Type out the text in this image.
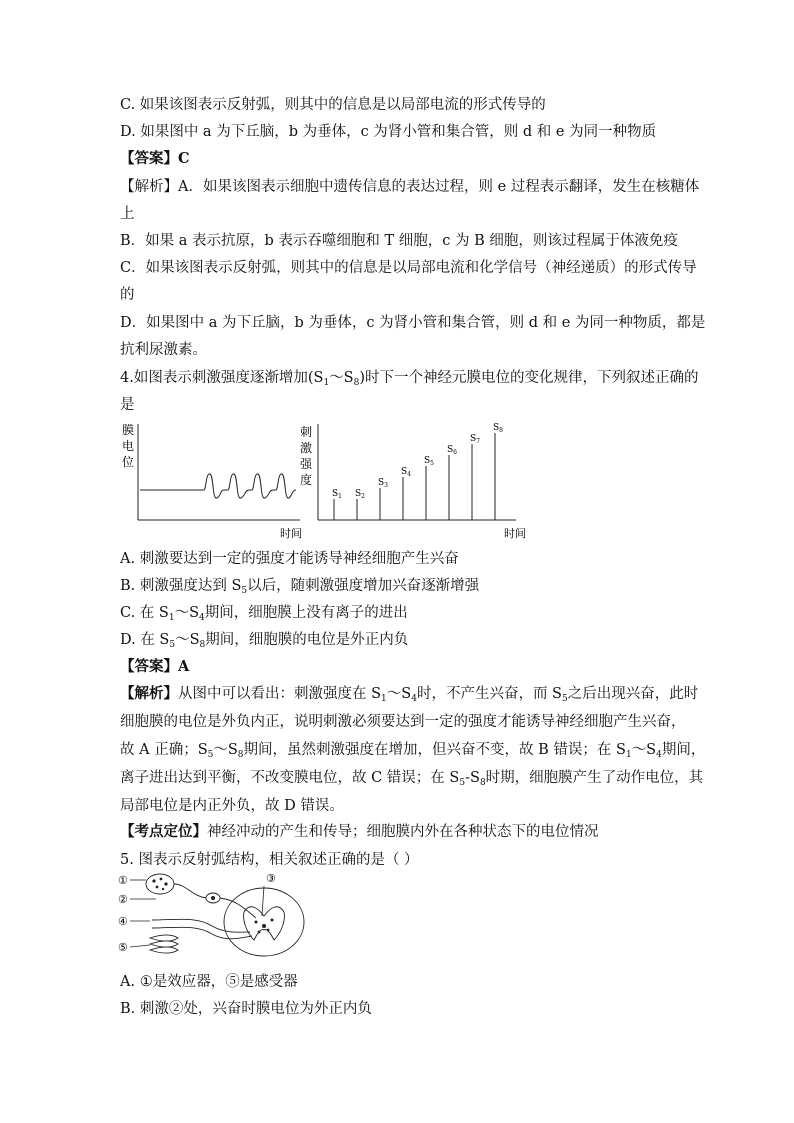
C. 如果该图表示反射弧，则其中的信息是以局部电流的形式传导的
D. 如果图中 a 为下丘脑，b 为垂体，c 为肾小管和集合管，则 d 和 e 为同一种物质
【答案】C
【解析】A．如果该图表示细胞中遗传信息的表达过程，则 e 过程表示翻译，发生在核糖体
上
B．如果 a 表示抗原，b 表示吞噬细胞和 T 细胞，c 为 B 细胞，则该过程属于体液免疫
C．如果该图表示反射弧，则其中的信息是以局部电流和化学信号（神经递质）的形式传导
的
D．如果图中 a 为下丘脑，b 为垂体，c 为肾小管和集合管，则 d 和 e 为同一种物质，都是
抗利尿激素。
4.如图表示刺激强度逐渐增加$(S_1\sim S_8)$时下一个神经元膜电位的变化规律，下列叙述正确的
是
膜
电
位
时间
刺
激
强
度
时间
$S_1$ $S_2$
$S_3$
$S_4$
$S_5$
$S_6$
$S_7$
$S_8$
A. 刺激要达到一定的强度才能诱导神经细胞产生兴奋
B. 刺激强度达到 $S_5$以后，随刺激强度增加兴奋逐渐增强
C. 在 $S_1\sim S_4$期间，细胞膜上没有离子的进出
D. 在 $S_5\sim S_8$期间，细胞膜的电位是外正内负
【答案】A
【解析】从图中可以看出：刺激强度在 $S_1\sim S_4$时，不产生兴奋，而 $S_5$之后出现兴奋，此时
细胞膜的电位是外负内正，说明刺激必须要达到一定的强度才能诱导神经细胞产生兴奋，
故 A 正确；$S_5\sim S_8$期间，虽然刺激强度在增加，但兴奋不变，故 B 错误；在 $S_1\sim S_4$期间，
离子进出达到平衡，不改变膜电位，故 C 错误；在 $S_5-S_8$时期，细胞膜产生了动作电位，其
局部电位是内正外负，故 D 错误。
【考点定位】神经冲动的产生和传导；细胞膜内外在各种状态下的电位情况
5. 图表示反射弧结构，相关叙述正确的是（ ）
①
②
③
④
⑤
A. ①是效应器，⑤是感受器
B. 刺激②处，兴奋时膜电位为外正内负
